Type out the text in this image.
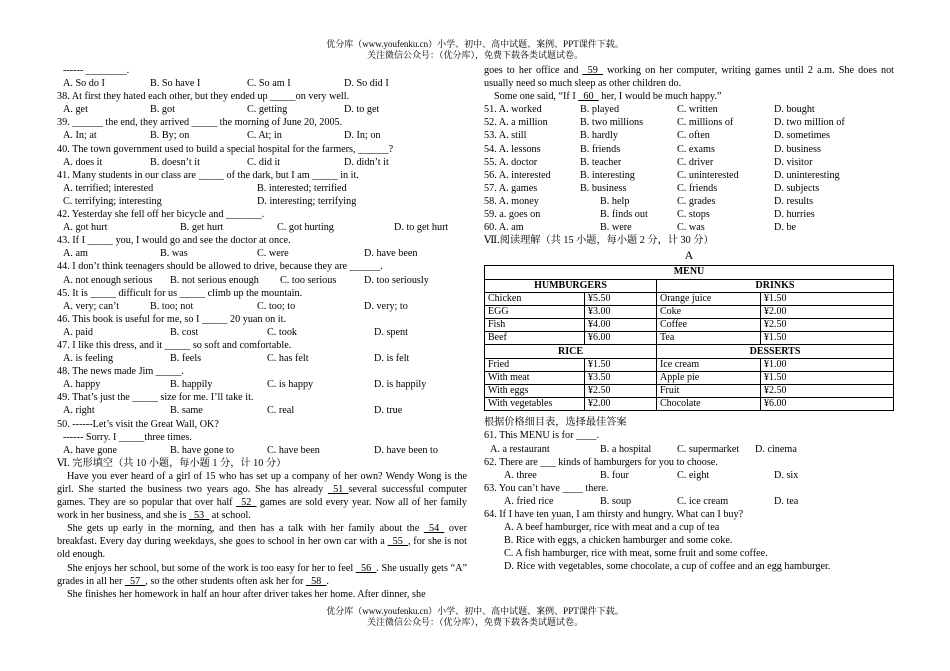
优分库（www.youfenku.cn）小学、初中、高中试题、案例、PPT课件下载。
关注微信公众号：（优分库），免费下载各类试题试卷。
------ ________.
A. So do I	B. So have I	C. So am I	D. So did I
38. At first they hated each other, but they ended up _____on very well.
A. get	B. got	C. getting	D. to get
39. ______ the end, they arrived _____ the morning of June 20, 2005.
A. In; at	B. By; on	C. At; in	D. In; on
40. The town government used to build a special hospital for the farmers, ______?
A. does it	B. doesn’t it	C. did it	D. didn’t it
41. Many students in our class are _____ of the dark, but I am _____ in it.
A. terrified; interested	B. interested; terrified
C. terrifying; interesting	D. interesting; terrifying
42. Yesterday she fell off her bicycle and _______.
A. got hurt	B. get hurt	C. got hurting	D. to get hurt
43. If I _____ you, I would go and see the doctor at once.
A. am	B. was	C. were	D. have been
44. I don’t think teenagers should be allowed to drive, because they are ______.
A. not enough serious	B. not serious enough	C. too serious	D. too seriously
45. It is _____ difficult for us _____ climb up the mountain.
A. very; can’t	B. too; not	C. too; to	D. very; to
46. This book is useful for me, so I _____ 20 yuan on it.
A. paid	B. cost	C. took	D. spent
47. I like this dress, and it _____ so soft and comfortable.
A. is feeling	B. feels	C. has felt	D. is felt
48. The news made Jim _____.
A. happy	B. happily	C. is happy	D. is happily
49. That’s just the _____ size for me. I’ll take it.
A. right	B. same	C. real	D. true
50. ------Let’s visit the Great Wall, OK?
------ Sorry. I _____three times.
A. have gone	B. have gone to	C. have been	D. have been to
Ⅵ. 完形填空（共 10 小题，每小题 1 分，计 10 分）

Have you ever heard of a girl of 15 who has set up a company of her own? Wendy Wong is the girl. She started the business two years ago. She has already _51_several successful computer games. They are so popular that over half _52_ games are sold every year. Now all of her family work in her business, and she is _53_ at school.

She gets up early in the morning, and then has a talk with her family about the _54_ over breakfast. Every day during weekdays, she goes to school in her own car with a _55_, for she is not old enough.

She enjoys her school, but some of the work is too easy for her to feel _56_. She usually gets “A” grades in all her _57_, so the other students often ask her for _58_.

She finishes her homework in half an hour after driver takes her home. After dinner, she

goes to her office and _59_ working on her computer, writing games until 2 a.m. She does not usually need so much sleep as other children do.

Some one said, “If I _60_ her, I would be much happy.”

51. A. worked	B. played	C. written	D. bought
52. A. a million	B. two millions	C. millions of	D. two million of
53. A. still	B. hardly	C. often	D. sometimes
54. A. lessons	B. friends	C. exams	D. business
55. A. doctor	B. teacher	C. driver	D. visitor
56. A. interested	B. interesting	C. uninterested	D. uninteresting
57. A. games	B. business	C. friends	D. subjects
58. A. money	B. help	C. grades	D. results
59. a. goes on	B. finds out	C. stops	D. hurries
60. A. am	B. were	C. was	D. be
Ⅶ.阅读理解（共 15 小题，每小题 2 分，计 30 分）
A
MENU			
HUMBURGERS		DRINKS	
Chicken	¥5.50	Orange juice	¥1.50
EGG	¥3.00	Coke	¥2.00
Fish	¥4.00	Coffee	¥2.50
Beef	¥6.00	Tea	¥1.50
RICE		DESSERTS	
Fried	¥1.50	Ice cream	¥1.00
With meat	¥3.50	Apple pie	¥1.50
With eggs	¥2.50	Fruit	¥2.50
With vegetables	¥2.00	Chocolate	¥6.00
根据价格细目表，选择最佳答案
61. This MENU is for ____.
A. a restaurant	B. a hospital	C. supermarket	D. cinema
62. There are ___ kinds of hamburgers for you to choose.
A. three	B. four	C. eight	D. six
63. You can’t have ____ there.
A. fried rice	B. soup	C. ice cream	D. tea
64. If I have ten yuan, I am thirsty and hungry. What can I buy?
A. A beef hamburger, rice with meat and a cup of tea
B. Rice with eggs, a chicken hamburger and some coke.
C. A fish hamburger, rice with meat, some fruit and some coffee.
D. Rice with vegetables, some chocolate, a cup of coffee and an egg hamburger.
优分库（www.youfenku.cn）小学、初中、高中试题、案例、PPT课件下载。
关注微信公众号：（优分库），免费下载各类试题试卷。
